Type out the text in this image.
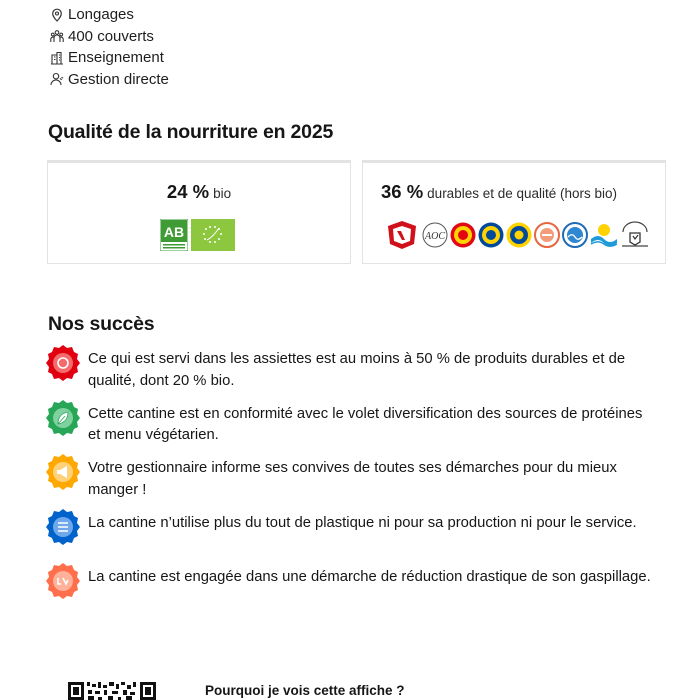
Longages
400 couverts
Enseignement
Gestion directe
Qualité de la nourriture en 2025
24 % bio
AB
36 % durables et de qualité (hors bio)
AOC
Nos succès
Ce qui est servi dans les assiettes est au moins à 50 % de produits durables et de qualité, dont 20 % bio.
Cette cantine est en conformité avec le volet diversification des sources de protéines et menu végétarien.
Votre gestionnaire informe ses convives de toutes ses démarches pour du mieux manger !
La cantine n’utilise plus du tout de plastique ni pour sa production ni pour le service.
La cantine est engagée dans une démarche de réduction drastique de son gaspillage.
Pourquoi je vois cette affiche ?
